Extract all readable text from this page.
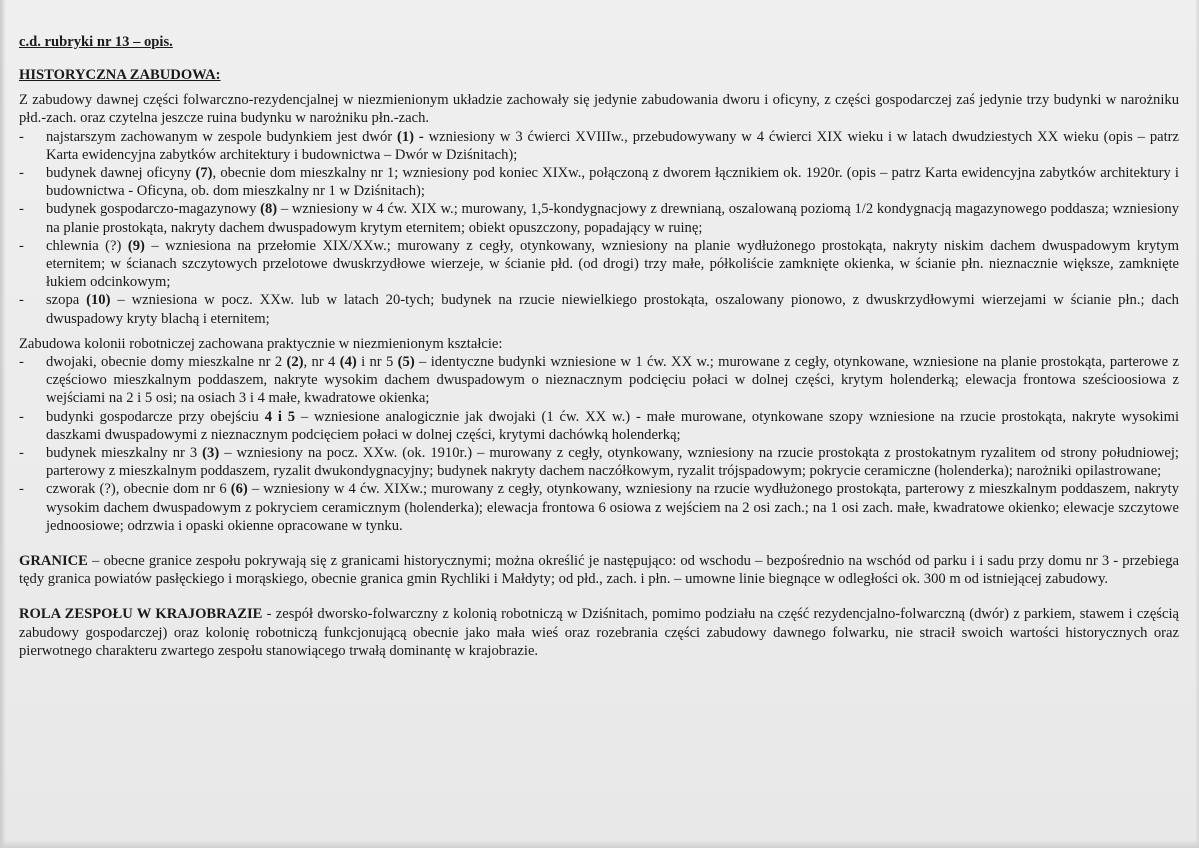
c.d. rubryki nr 13 – opis.

HISTORYCZNA ZABUDOWA:

Z zabudowy dawnej części folwarczno-rezydencjalnej w niezmienionym układzie zachowały się jedynie zabudowania dworu i oficyny, z części gospodarczej zaś jedynie trzy budynki w narożniku płd.-zach. oraz czytelna jeszcze ruina budynku w narożniku płn.-zach.

- najstarszym zachowanym w zespole budynkiem jest dwór (1) - wzniesiony w 3 ćwierci XVIIIw., przebudowywany w 4 ćwierci XIX wieku i w latach dwudziestych XX wieku (opis – patrz Karta ewidencyjna zabytków architektury i budownictwa – Dwór w Dziśnitach);
- budynek dawnej oficyny (7), obecnie dom mieszkalny nr 1; wzniesiony pod koniec XIXw., połączoną z dworem łącznikiem ok. 1920r. (opis – patrz Karta ewidencyjna zabytków architektury i budownictwa - Oficyna, ob. dom mieszkalny nr 1 w Dziśnitach);
- budynek gospodarczo-magazynowy (8) – wzniesiony w 4 ćw. XIX w.; murowany, 1,5-kondygnacjowy z drewnianą, oszalowaną poziomą 1/2 kondygnacją magazynowego poddasza; wzniesiony na planie prostokąta, nakryty dachem dwuspadowym krytym eternitem; obiekt opuszczony, popadający w ruinę;
- chlewnia (?) (9) – wzniesiona na przełomie XIX/XXw.; murowany z cegły, otynkowany, wzniesiony na planie wydłużonego prostokąta, nakryty niskim dachem dwuspadowym krytym eternitem; w ścianach szczytowych przelotowe dwuskrzydłowe wierzeje, w ścianie płd. (od drogi) trzy małe, półkoliście zamknięte okienka, w ścianie płn. nieznacznie większe, zamknięte łukiem odcinkowym;
- szopa (10) – wzniesiona w pocz. XXw. lub w latach 20-tych; budynek na rzucie niewielkiego prostokąta, oszalowany pionowo, z dwuskrzydłowymi wierzejami w ścianie płn.; dach dwuspadowy kryty blachą i eternitem;

Zabudowa kolonii robotniczej zachowana praktycznie w niezmienionym kształcie:

- dwojaki, obecnie domy mieszkalne nr 2 (2), nr 4 (4) i nr 5 (5) – identyczne budynki wzniesione w 1 ćw. XX w.; murowane z cegły, otynkowane, wzniesione na planie prostokąta, parterowe z częściowo mieszkalnym poddaszem, nakryte wysokim dachem dwuspadowym o nieznacznym podcięciu połaci w dolnej części, krytym holenderką; elewacja frontowa sześcioosiowa z wejściami na 2 i 5 osi; na osiach 3 i 4 małe, kwadratowe okienka;
- budynki gospodarcze przy obejściu 4 i 5 – wzniesione analogicznie jak dwojaki (1 ćw. XX w.) - małe murowane, otynkowane szopy wzniesione na rzucie prostokąta, nakryte wysokimi daszkami dwuspadowymi z nieznacznym podcięciem połaci w dolnej części, krytymi dachówką holenderką;
- budynek mieszkalny nr 3 (3) – wzniesiony na pocz. XXw. (ok. 1910r.) – murowany z cegły, otynkowany, wzniesiony na rzucie prostokąta z prostokatnym ryzalitem od strony południowej; parterowy z mieszkalnym poddaszem, ryzalit dwukondygnacyjny; budynek nakryty dachem naczółkowym, ryzalit trójspadowym; pokrycie ceramiczne (holenderka); narożniki opilastrowane;
- czworak (?), obecnie dom nr 6 (6) – wzniesiony w 4 ćw. XIXw.; murowany z cegły, otynkowany, wzniesiony na rzucie wydłużonego prostokąta, parterowy z mieszkalnym poddaszem, nakryty wysokim dachem dwuspadowym z pokryciem ceramicznym (holenderka); elewacja frontowa 6 osiowa z wejściem na 2 osi zach.; na 1 osi zach. małe, kwadratowe okienko; elewacje szczytowe jednoosiowe; odrzwia i opaski okienne opracowane w tynku.

GRANICE – obecne granice zespołu pokrywają się z granicami historycznymi; można określić je następująco: od wschodu – bezpośrednio na wschód od parku i i sadu przy domu nr 3 - przebiega tędy granica powiatów pasłęckiego i morąskiego, obecnie granica gmin Rychliki i Małdyty; od płd., zach. i płn. – umowne linie biegnące w odległości ok. 300 m od istniejącej zabudowy.

ROLA ZESPOŁU W KRAJOBRAZIE - zespół dworsko-folwarczny z kolonią robotniczą w Dziśnitach, pomimo podziału na część rezydencjalno-folwarczną (dwór) z parkiem, stawem i częścią zabudowy gospodarczej) oraz kolonię robotniczą funkcjonującą obecnie jako mała wieś oraz rozebrania części zabudowy dawnego folwarku, nie stracił swoich wartości historycznych oraz pierwotnego charakteru zwartego zespołu stanowiącego trwałą dominantę w krajobrazie.
